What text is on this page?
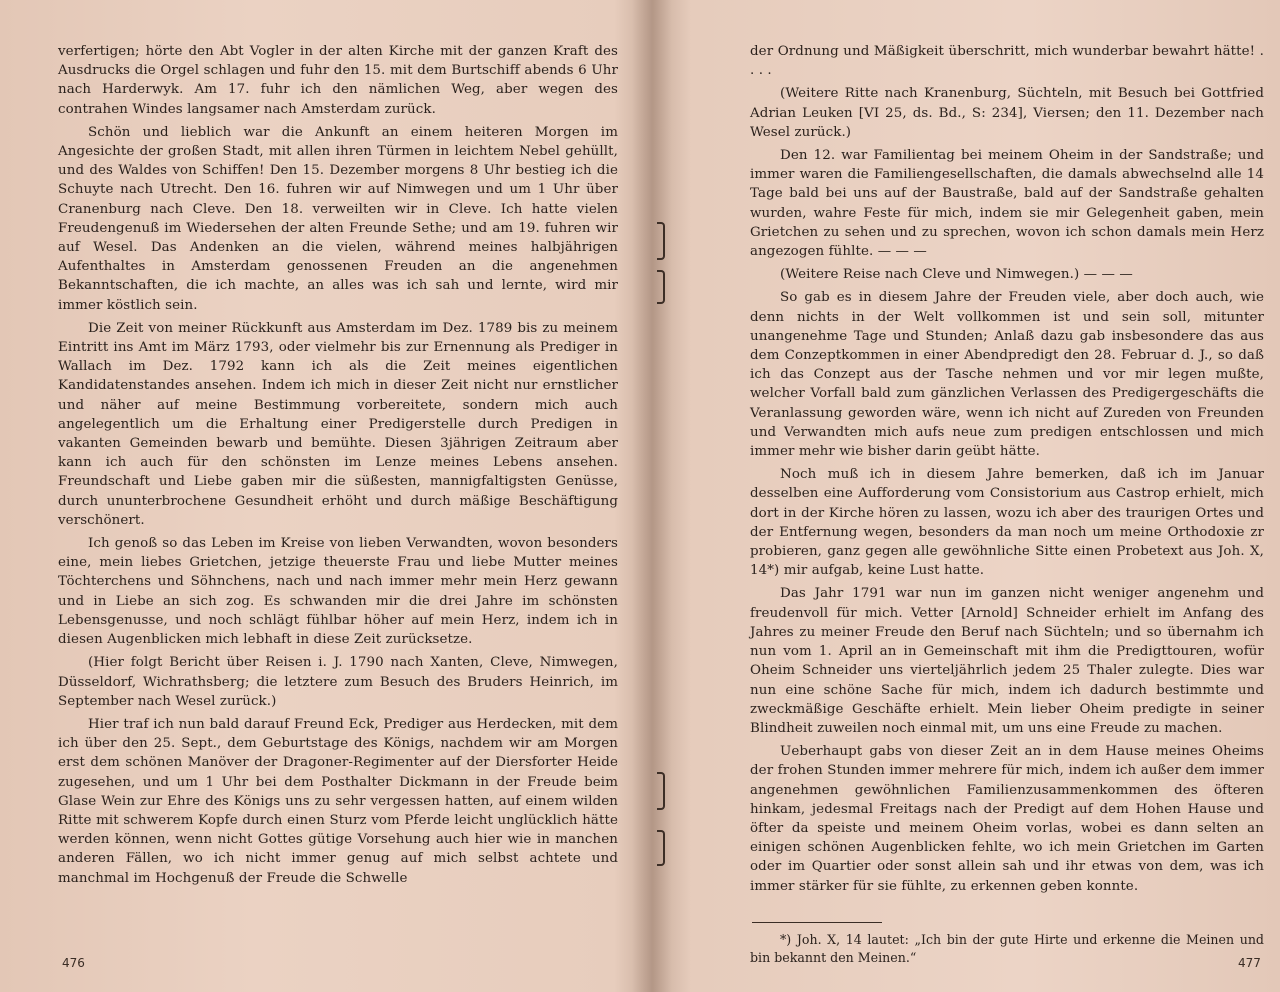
verfertigen; hörte den Abt Vogler in der alten Kirche mit der ganzen Kraft des Ausdrucks die Orgel schlagen und fuhr den 15. mit dem Burtschiff abends 6 Uhr nach Harderwyk. Am 17. fuhr ich den nämlichen Weg, aber wegen des contrahen Windes langsamer nach Amsterdam zurück.

Schön und lieblich war die Ankunft an einem heiteren Morgen im Angesichte der großen Stadt, mit allen ihren Türmen in leichtem Nebel gehüllt, und des Waldes von Schiffen! Den 15. Dezember morgens 8 Uhr bestieg ich die Schuyte nach Utrecht. Den 16. fuhren wir auf Nimwegen und um 1 Uhr über Cranenburg nach Cleve. Den 18. verweilten wir in Cleve. Ich hatte vielen Freudengenuß im Wiedersehen der alten Freunde Sethe; und am 19. fuhren wir auf Wesel. Das Andenken an die vielen, während meines halbjährigen Aufenthaltes in Amsterdam genossenen Freuden an die angenehmen Bekanntschaften, die ich machte, an alles was ich sah und lernte, wird mir immer köstlich sein.

Die Zeit von meiner Rückkunft aus Amsterdam im Dez. 1789 bis zu meinem Eintritt ins Amt im März 1793, oder vielmehr bis zur Ernennung als Prediger in Wallach im Dez. 1792 kann ich als die Zeit meines eigentlichen Kandidatenstandes ansehen. Indem ich mich in dieser Zeit nicht nur ernstlicher und näher auf meine Bestimmung vorbereitete, sondern mich auch angelegentlich um die Erhaltung einer Predigerstelle durch Predigen in vakanten Gemeinden bewarb und bemühte. Diesen 3jährigen Zeitraum aber kann ich auch für den schönsten im Lenze meines Lebens ansehen. Freundschaft und Liebe gaben mir die süßesten, mannigfaltigsten Genüsse, durch ununterbrochene Gesundheit erhöht und durch mäßige Beschäftigung verschönert.

Ich genoß so das Leben im Kreise von lieben Verwandten, wovon besonders eine, mein liebes Grietchen, jetzige theuerste Frau und liebe Mutter meines Töchterchens und Söhnchens, nach und nach immer mehr mein Herz gewann und in Liebe an sich zog. Es schwanden mir die drei Jahre im schönsten Lebensgenusse, und noch schlägt fühlbar höher auf mein Herz, indem ich in diesen Augenblicken mich lebhaft in diese Zeit zurücksetze.

(Hier folgt Bericht über Reisen i. J. 1790 nach Xanten, Cleve, Nimwegen, Düsseldorf, Wichrathsberg; die letztere zum Besuch des Bruders Heinrich, im September nach Wesel zurück.)

Hier traf ich nun bald darauf Freund Eck, Prediger aus Herdecken, mit dem ich über den 25. Sept., dem Geburtstage des Königs, nachdem wir am Morgen erst dem schönen Manöver der Dragoner-Regimenter auf der Diersforter Heide zugesehen, und um 1 Uhr bei dem Posthalter Dickmann in der Freude beim Glase Wein zur Ehre des Königs uns zu sehr vergessen hatten, auf einem wilden Ritte mit schwerem Kopfe durch einen Sturz vom Pferde leicht unglücklich hätte werden können, wenn nicht Gottes gütige Vorsehung auch hier wie in manchen anderen Fällen, wo ich nicht immer genug auf mich selbst achtete und manchmal im Hochgenuß der Freude die Schwelle

der Ordnung und Mäßigkeit überschritt, mich wunderbar bewahrt hätte! . . . .

(Weitere Ritte nach Kranenburg, Süchteln, mit Besuch bei Gottfried Adrian Leuken [VI 25, ds. Bd., S: 234], Viersen; den 11. Dezember nach Wesel zurück.)

Den 12. war Familientag bei meinem Oheim in der Sandstraße; und immer waren die Familiengesellschaften, die damals abwechselnd alle 14 Tage bald bei uns auf der Baustraße, bald auf der Sandstraße gehalten wurden, wahre Feste für mich, indem sie mir Gelegenheit gaben, mein Grietchen zu sehen und zu sprechen, wovon ich schon damals mein Herz angezogen fühlte. — — —

(Weitere Reise nach Cleve und Nimwegen.) — — —

So gab es in diesem Jahre der Freuden viele, aber doch auch, wie denn nichts in der Welt vollkommen ist und sein soll, mitunter unangenehme Tage und Stunden; Anlaß dazu gab insbesondere das aus dem Conzeptkommen in einer Abendpredigt den 28. Februar d. J., so daß ich das Conzept aus der Tasche nehmen und vor mir legen mußte, welcher Vorfall bald zum gänzlichen Verlassen des Predigergeschäfts die Veranlassung geworden wäre, wenn ich nicht auf Zureden von Freunden und Verwandten mich aufs neue zum predigen entschlossen und mich immer mehr wie bisher darin geübt hätte.

Noch muß ich in diesem Jahre bemerken, daß ich im Januar desselben eine Aufforderung vom Consistorium aus Castrop erhielt, mich dort in der Kirche hören zu lassen, wozu ich aber des traurigen Ortes und der Entfernung wegen, besonders da man noch um meine Orthodoxie zr probieren, ganz gegen alle gewöhnliche Sitte einen Probetext aus Joh. X, 14*) mir aufgab, keine Lust hatte.

Das Jahr 1791 war nun im ganzen nicht weniger angenehm und freudenvoll für mich. Vetter [Arnold] Schneider erhielt im Anfang des Jahres zu meiner Freude den Beruf nach Süchteln; und so übernahm ich nun vom 1. April an in Gemeinschaft mit ihm die Predigttouren, wofür Oheim Schneider uns vierteljährlich jedem 25 Thaler zulegte. Dies war nun eine schöne Sache für mich, indem ich dadurch bestimmte und zweckmäßige Geschäfte erhielt. Mein lieber Oheim predigte in seiner Blindheit zuweilen noch einmal mit, um uns eine Freude zu machen.

Ueberhaupt gabs von dieser Zeit an in dem Hause meines Oheims der frohen Stunden immer mehrere für mich, indem ich außer dem immer angenehmen gewöhnlichen Familienzusammenkommen des öfteren hinkam, jedesmal Freitags nach der Predigt auf dem Hohen Hause und öfter da speiste und meinem Oheim vorlas, wobei es dann selten an einigen schönen Augenblicken fehlte, wo ich mein Grietchen im Garten oder im Quartier oder sonst allein sah und ihr etwas von dem, was ich immer stärker für sie fühlte, zu erkennen geben konnte.

*) Joh. X, 14 lautet: „Ich bin der gute Hirte und erkenne die Meinen und bin bekannt den Meinen.“

476	477
